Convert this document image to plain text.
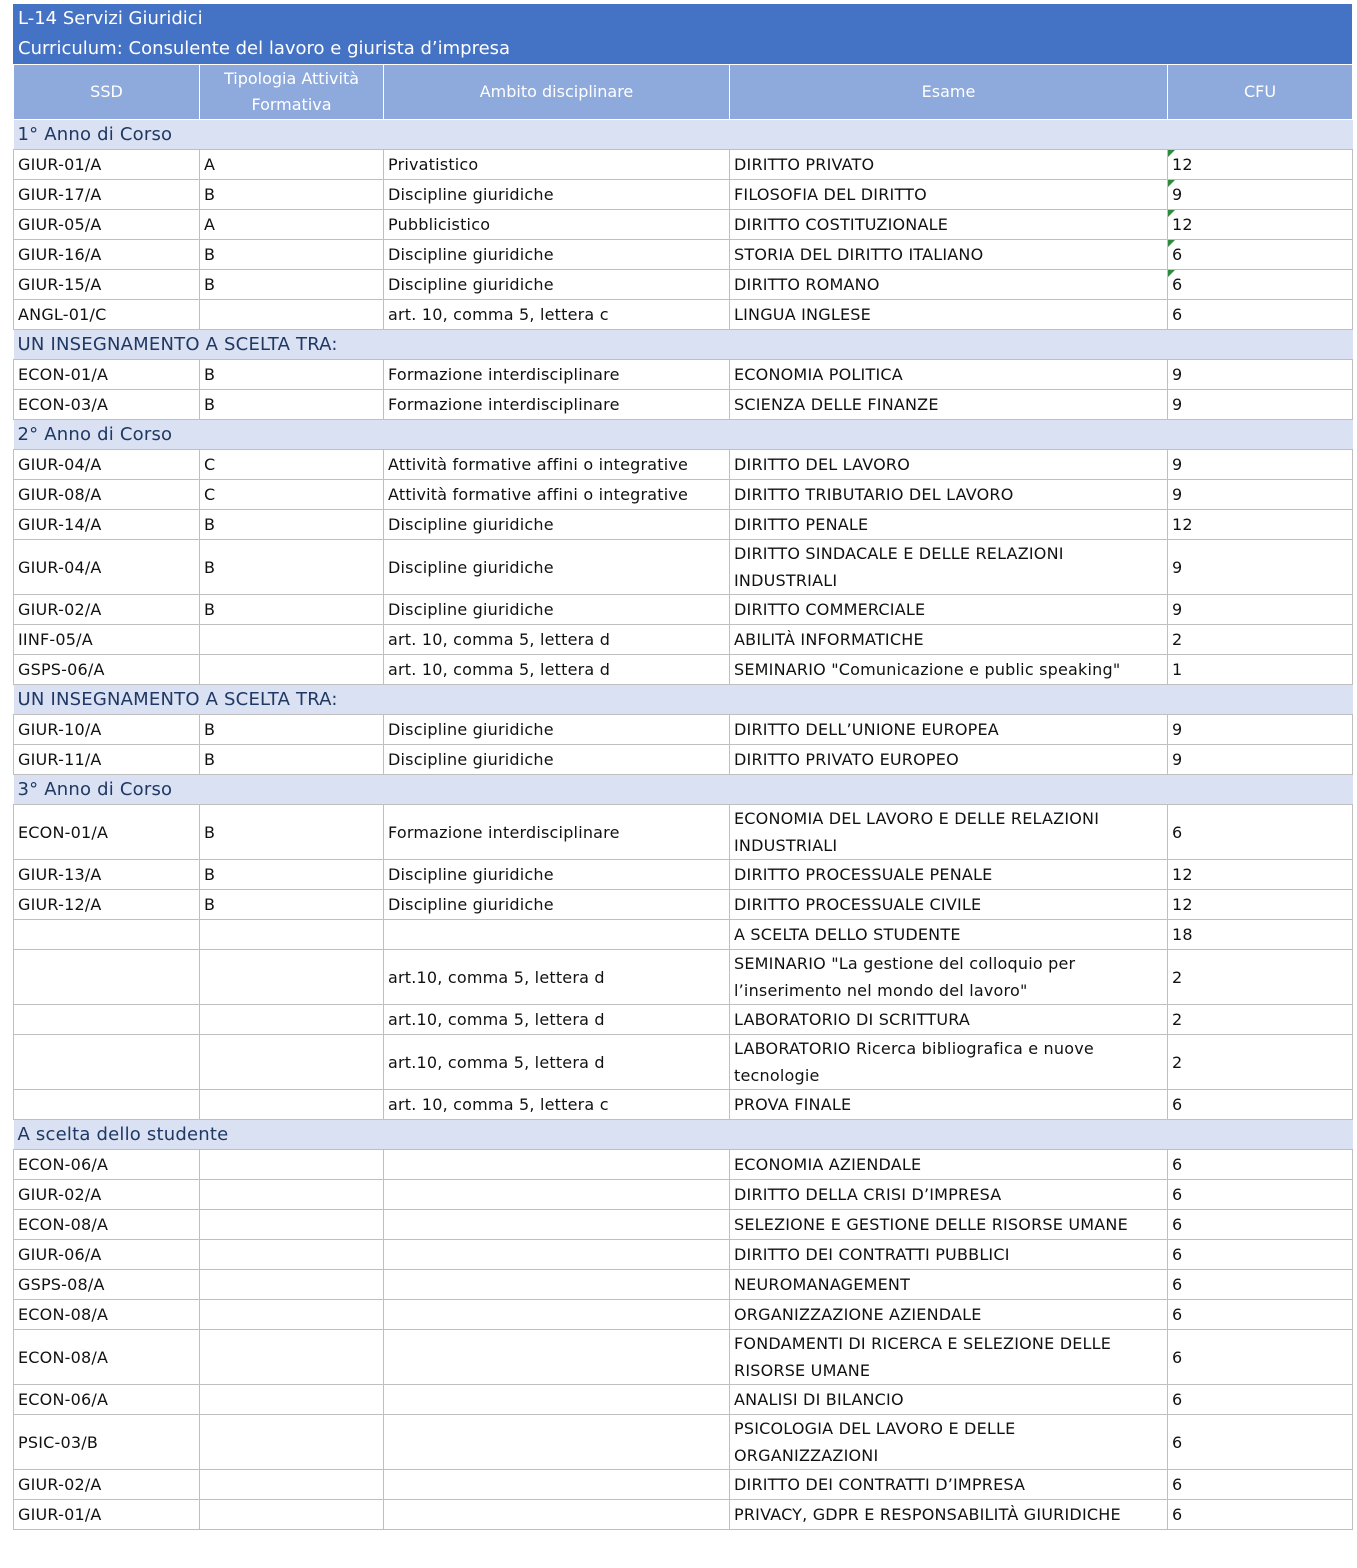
L-14 Servizi Giuridici
Curriculum: Consulente del lavoro e giurista d’impresa
SSD	Tipologia Attività Formativa	Ambito disciplinare	Esame	CFU
1° Anno di Corso				
GIUR-01/A	A	Privatistico	DIRITTO PRIVATO	12
GIUR-17/A	B	Discipline giuridiche	FILOSOFIA DEL DIRITTO	9
GIUR-05/A	A	Pubblicistico	DIRITTO COSTITUZIONALE	12
GIUR-16/A	B	Discipline giuridiche	STORIA DEL DIRITTO ITALIANO	6
GIUR-15/A	B	Discipline giuridiche	DIRITTO ROMANO	6
ANGL-01/C		art. 10, comma 5, lettera c	LINGUA INGLESE	6
UN INSEGNAMENTO A SCELTA TRA:				
ECON-01/A	B	Formazione interdisciplinare	ECONOMIA POLITICA	9
ECON-03/A	B	Formazione interdisciplinare	SCIENZA DELLE FINANZE	9
2° Anno di Corso				
GIUR-04/A	C	Attività formative affini o integrative	DIRITTO DEL LAVORO	9
GIUR-08/A	C	Attività formative affini o integrative	DIRITTO TRIBUTARIO DEL LAVORO	9
GIUR-14/A	B	Discipline giuridiche	DIRITTO PENALE	12
GIUR-04/A	B	Discipline giuridiche	DIRITTO SINDACALE E DELLE RELAZIONI INDUSTRIALI	9
GIUR-02/A	B	Discipline giuridiche	DIRITTO COMMERCIALE	9
IINF-05/A		art. 10, comma 5, lettera d	ABILITÀ INFORMATICHE	2
GSPS-06/A		art. 10, comma 5, lettera d	SEMINARIO "Comunicazione e public speaking"	1
UN INSEGNAMENTO A SCELTA TRA:				
GIUR-10/A	B	Discipline giuridiche	DIRITTO DELL’UNIONE EUROPEA	9
GIUR-11/A	B	Discipline giuridiche	DIRITTO PRIVATO EUROPEO	9
3° Anno di Corso				
ECON-01/A	B	Formazione interdisciplinare	ECONOMIA DEL LAVORO E DELLE RELAZIONI INDUSTRIALI	6
GIUR-13/A	B	Discipline giuridiche	DIRITTO PROCESSUALE PENALE	12
GIUR-12/A	B	Discipline giuridiche	DIRITTO PROCESSUALE CIVILE	12
			A SCELTA DELLO STUDENTE	18
		art.10, comma 5, lettera d	SEMINARIO "La gestione del colloquio per l’inserimento nel mondo del lavoro"	2
		art.10, comma 5, lettera d	LABORATORIO DI SCRITTURA	2
		art.10, comma 5, lettera d	LABORATORIO Ricerca bibliografica e nuove tecnologie	2
		art. 10, comma 5, lettera c	PROVA FINALE	6
A scelta dello studente				
ECON-06/A			ECONOMIA AZIENDALE	6
GIUR-02/A			DIRITTO DELLA CRISI D’IMPRESA	6
ECON-08/A			SELEZIONE E GESTIONE DELLE RISORSE UMANE	6
GIUR-06/A			DIRITTO DEI CONTRATTI PUBBLICI	6
GSPS-08/A			NEUROMANAGEMENT	6
ECON-08/A			ORGANIZZAZIONE AZIENDALE	6
ECON-08/A			FONDAMENTI DI RICERCA E SELEZIONE DELLE RISORSE UMANE	6
ECON-06/A			ANALISI DI BILANCIO	6
PSIC-03/B			PSICOLOGIA DEL LAVORO E DELLE ORGANIZZAZIONI	6
GIUR-02/A			DIRITTO DEI CONTRATTI D’IMPRESA	6
GIUR-01/A			PRIVACY, GDPR E RESPONSABILITÀ GIURIDICHE	6
